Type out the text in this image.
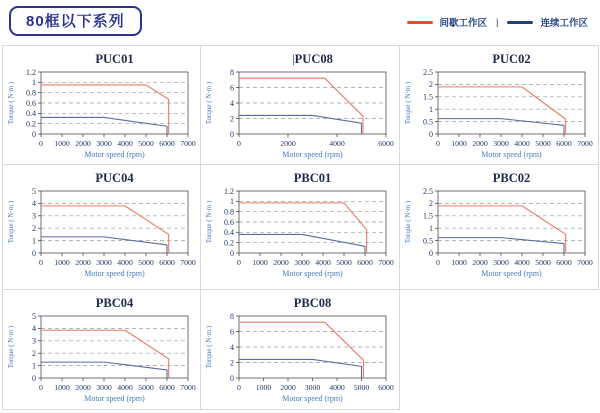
80框以下系列	间歇工作区 |	连续工作区
PUC01
0
0.2
0.4
0.6
0.8
1
1.2
0 1000 2000 3000 4000 5000 6000 7000
Motor speed (rpm)
Torque ( N·m )
|PUC08
0
2
4
6
8
0	2000	4000	6000
Motor speed (rpm)
Torque ( N·m )
PUC02
0
0.5
1
1.5
2
2.5
0 1000 2000 3000 4000 5000 6000 7000
Motor speed (rpm)
Torque ( N·m )
PUC04
0
1
2
3
4
5
0 1000 2000 3000 4000 5000 6000 7000
Motor speed (rpm)
Torque ( N·m )
PBC01
0
0.2
0.4
0.6
0.8
1
1.2
0 1000 2000 3000 4000 5000 6000 7000
Motor speed (rpm)
Torque ( N·m )
PBC02
0
0.5
1
1.5
2
2.5
0 1000 2000 3000 4000 5000 6000 7000
Motor speed (rpm)
Torque ( N·m )
PBC04
0
1
2
3
4
5
0 1000 2000 3000 4000 5000 6000 7000
Motor speed (rpm)
Torque ( N·m )
PBC08
0
2
4
6
8
0 1000 2000 3000 4000 5000 6000
Motor speed (rpm)
Torque ( N·m )
